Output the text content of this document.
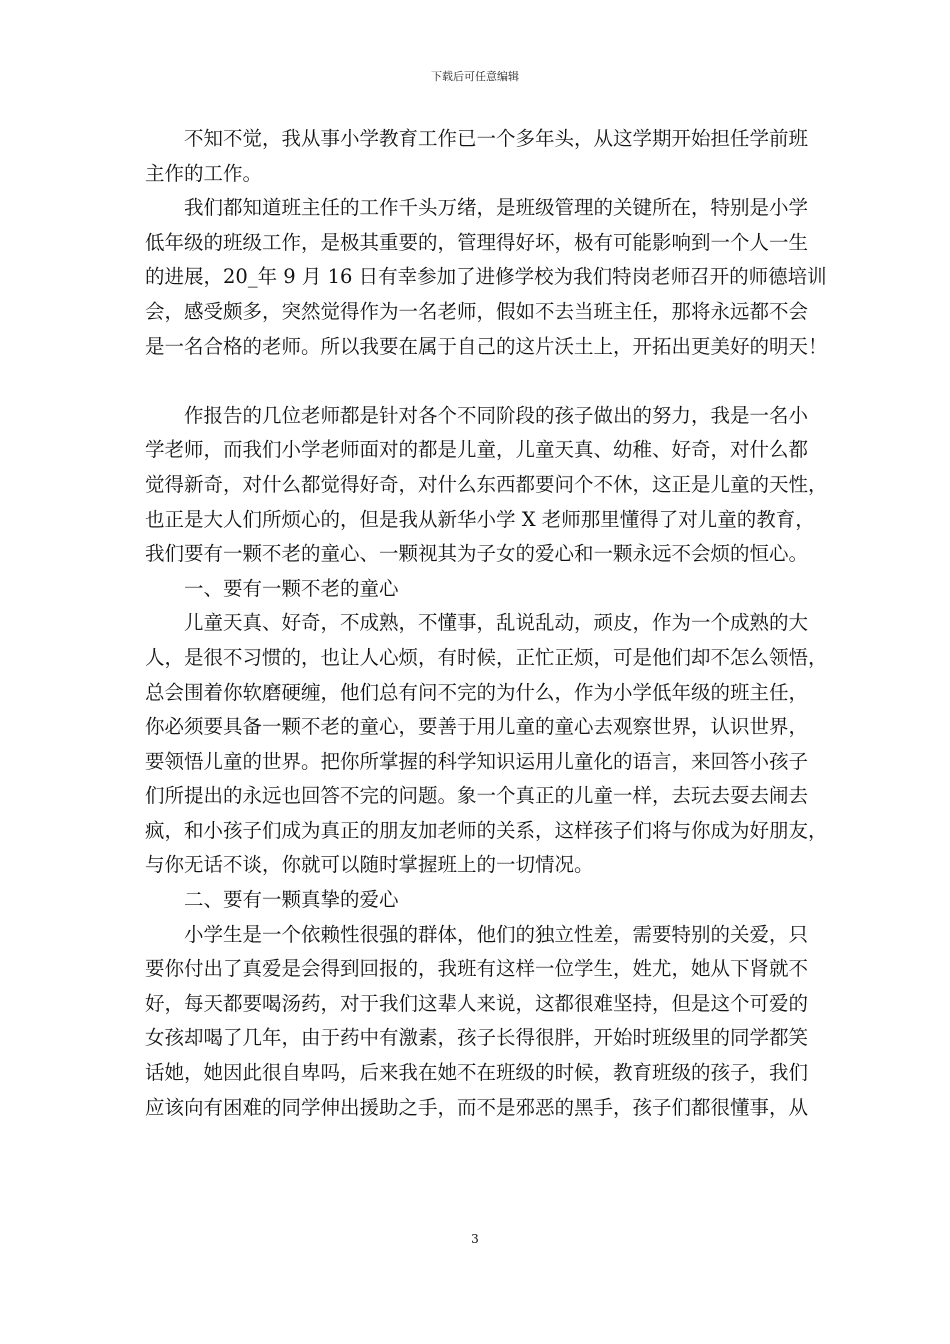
下载后可任意编辑
不知不觉，我从事小学教育工作已一个多年头，从这学期开始担任学前班
主作的工作。
我们都知道班主任的工作千头万绪，是班级管理的关键所在，特别是小学
低年级的班级工作，是极其重要的，管理得好坏，极有可能影响到一个人一生
的进展，20_年 9 月 16 日有幸参加了进修学校为我们特岗老师召开的师德培训
会，感受颇多，突然觉得作为一名老师，假如不去当班主任，那将永远都不会
是一名合格的老师。所以我要在属于自己的这片沃土上，开拓出更美好的明天！
作报告的几位老师都是针对各个不同阶段的孩子做出的努力，我是一名小
学老师，而我们小学老师面对的都是儿童，儿童天真、幼稚、好奇，对什么都
觉得新奇，对什么都觉得好奇，对什么东西都要问个不休，这正是儿童的天性，
也正是大人们所烦心的，但是我从新华小学 X 老师那里懂得了对儿童的教育，
我们要有一颗不老的童心、一颗视其为子女的爱心和一颗永远不会烦的恒心。
一、要有一颗不老的童心
儿童天真、好奇，不成熟，不懂事，乱说乱动，顽皮，作为一个成熟的大
人，是很不习惯的，也让人心烦，有时候，正忙正烦，可是他们却不怎么领悟，
总会围着你软磨硬缠，他们总有问不完的为什么，作为小学低年级的班主任，
你必须要具备一颗不老的童心，要善于用儿童的童心去观察世界，认识世界，
要领悟儿童的世界。把你所掌握的科学知识运用儿童化的语言，来回答小孩子
们所提出的永远也回答不完的问题。象一个真正的儿童一样，去玩去耍去闹去
疯，和小孩子们成为真正的朋友加老师的关系，这样孩子们将与你成为好朋友，
与你无话不谈，你就可以随时掌握班上的一切情况。
二、要有一颗真挚的爱心
小学生是一个依赖性很强的群体，他们的独立性差，需要特别的关爱，只
要你付出了真爱是会得到回报的，我班有这样一位学生，姓尤，她从下肾就不
好，每天都要喝汤药，对于我们这辈人来说，这都很难坚持，但是这个可爱的
女孩却喝了几年，由于药中有激素，孩子长得很胖，开始时班级里的同学都笑
话她，她因此很自卑吗，后来我在她不在班级的时候，教育班级的孩子，我们
应该向有困难的同学伸出援助之手，而不是邪恶的黑手，孩子们都很懂事，从
3
